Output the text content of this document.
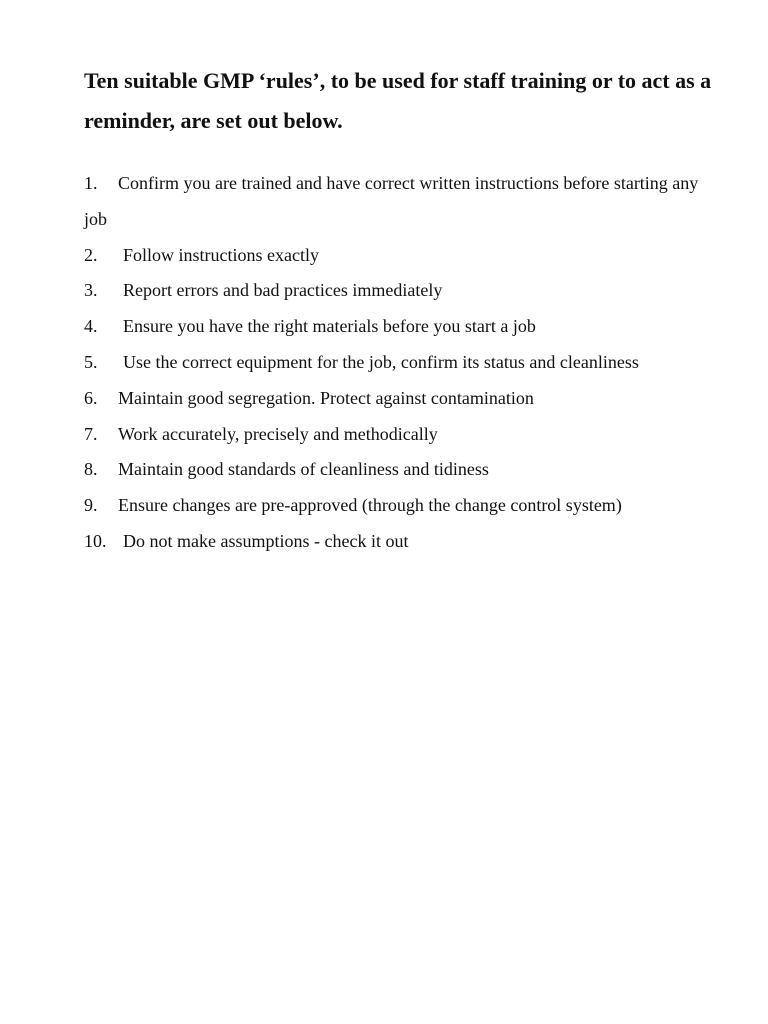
Ten suitable GMP ‘rules’, to be used for staff training or to act as a reminder, are set out below.
1. Confirm you are trained and have correct written instructions before starting any job
2. Follow instructions exactly
3. Report errors and bad practices immediately
4. Ensure you have the right materials before you start a job
5. Use the correct equipment for the job, confirm its status and cleanliness
6. Maintain good segregation. Protect against contamination
7. Work accurately, precisely and methodically
8. Maintain good standards of cleanliness and tidiness
9. Ensure changes are pre-approved (through the change control system)
10. Do not make assumptions - check it out
